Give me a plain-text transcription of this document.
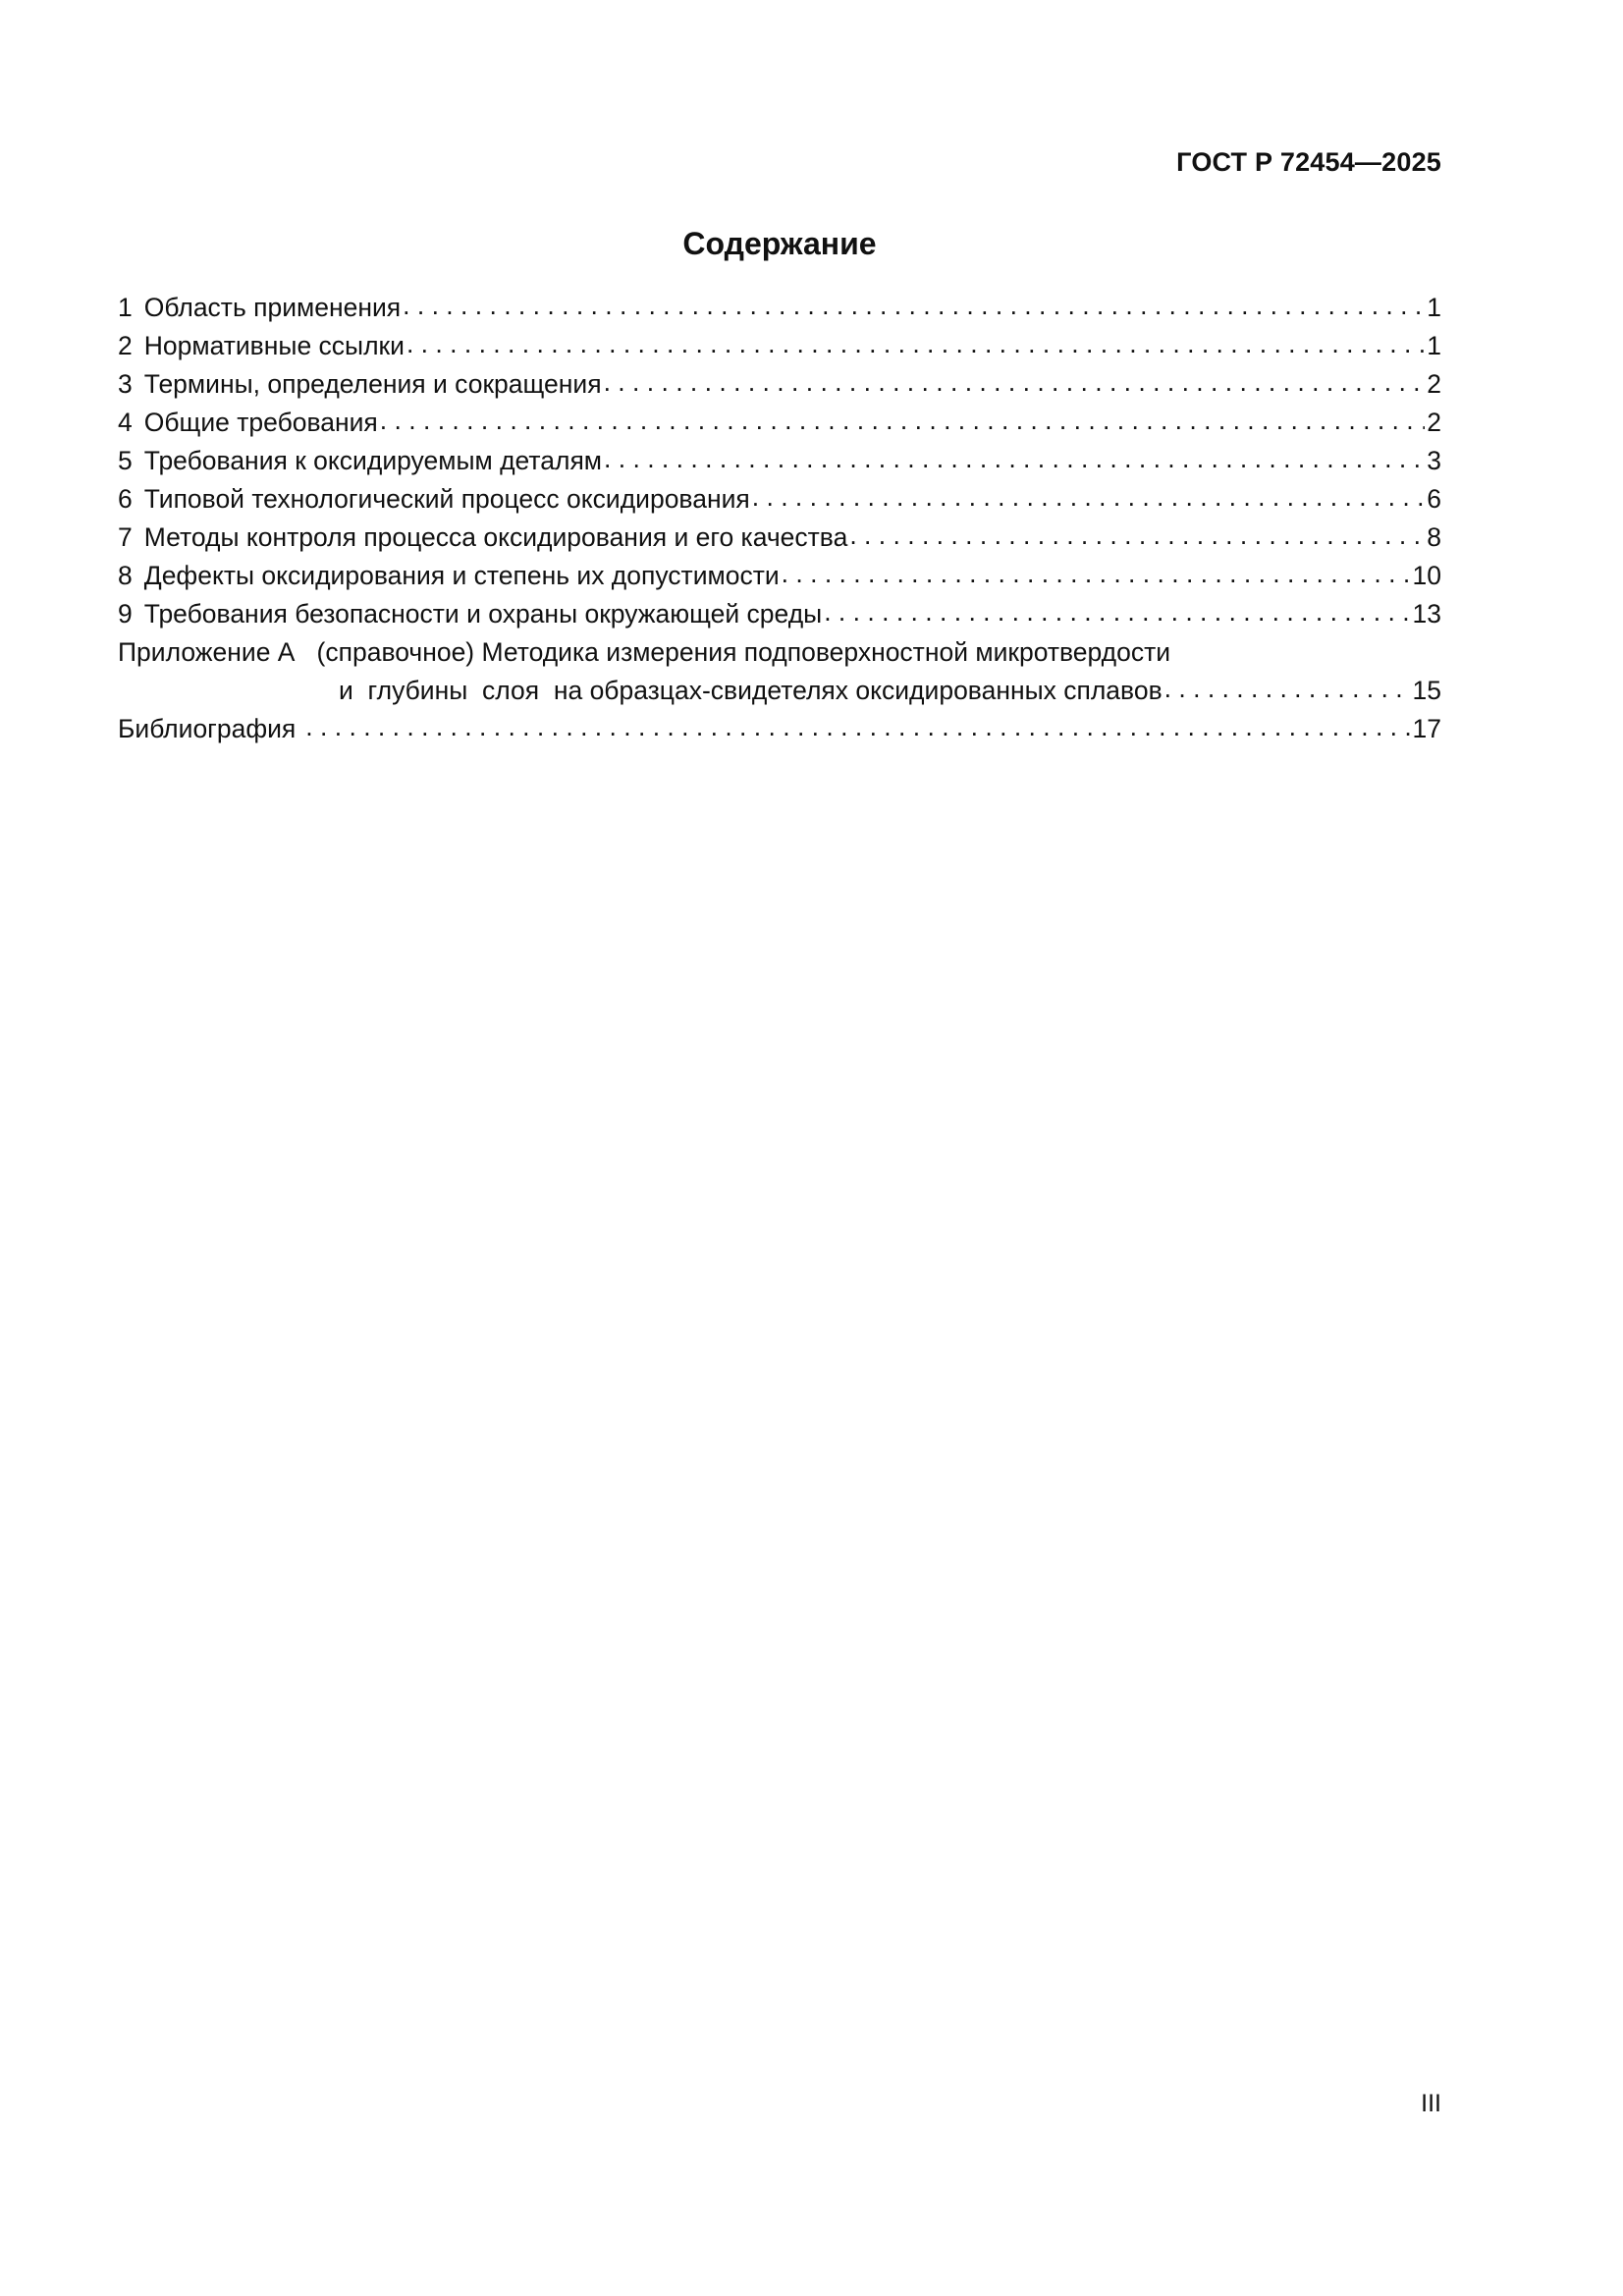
ГОСТ Р 72454—2025
Содержание
1 Область применения . . .	1
2 Нормативные ссылки . . .	1
3 Термины, определения и сокращения . . .	2
4 Общие требования . . .	2
5 Требования к оксидируемым деталям . . .	3
6 Типовой технологический процесс оксидирования . . .	6
7 Методы контроля процесса оксидирования и его качества . . .	8
8 Дефекты оксидирования и степень их допустимости . . .	10
9 Требования безопасности и охраны окружающей среды . . .	13
Приложение А   (справочное) Методика измерения подповерхностной микротвердости
и  глубины  слоя  на образцах-свидетелях оксидированных сплавов . . .	15
Библиография . . .	17
III
